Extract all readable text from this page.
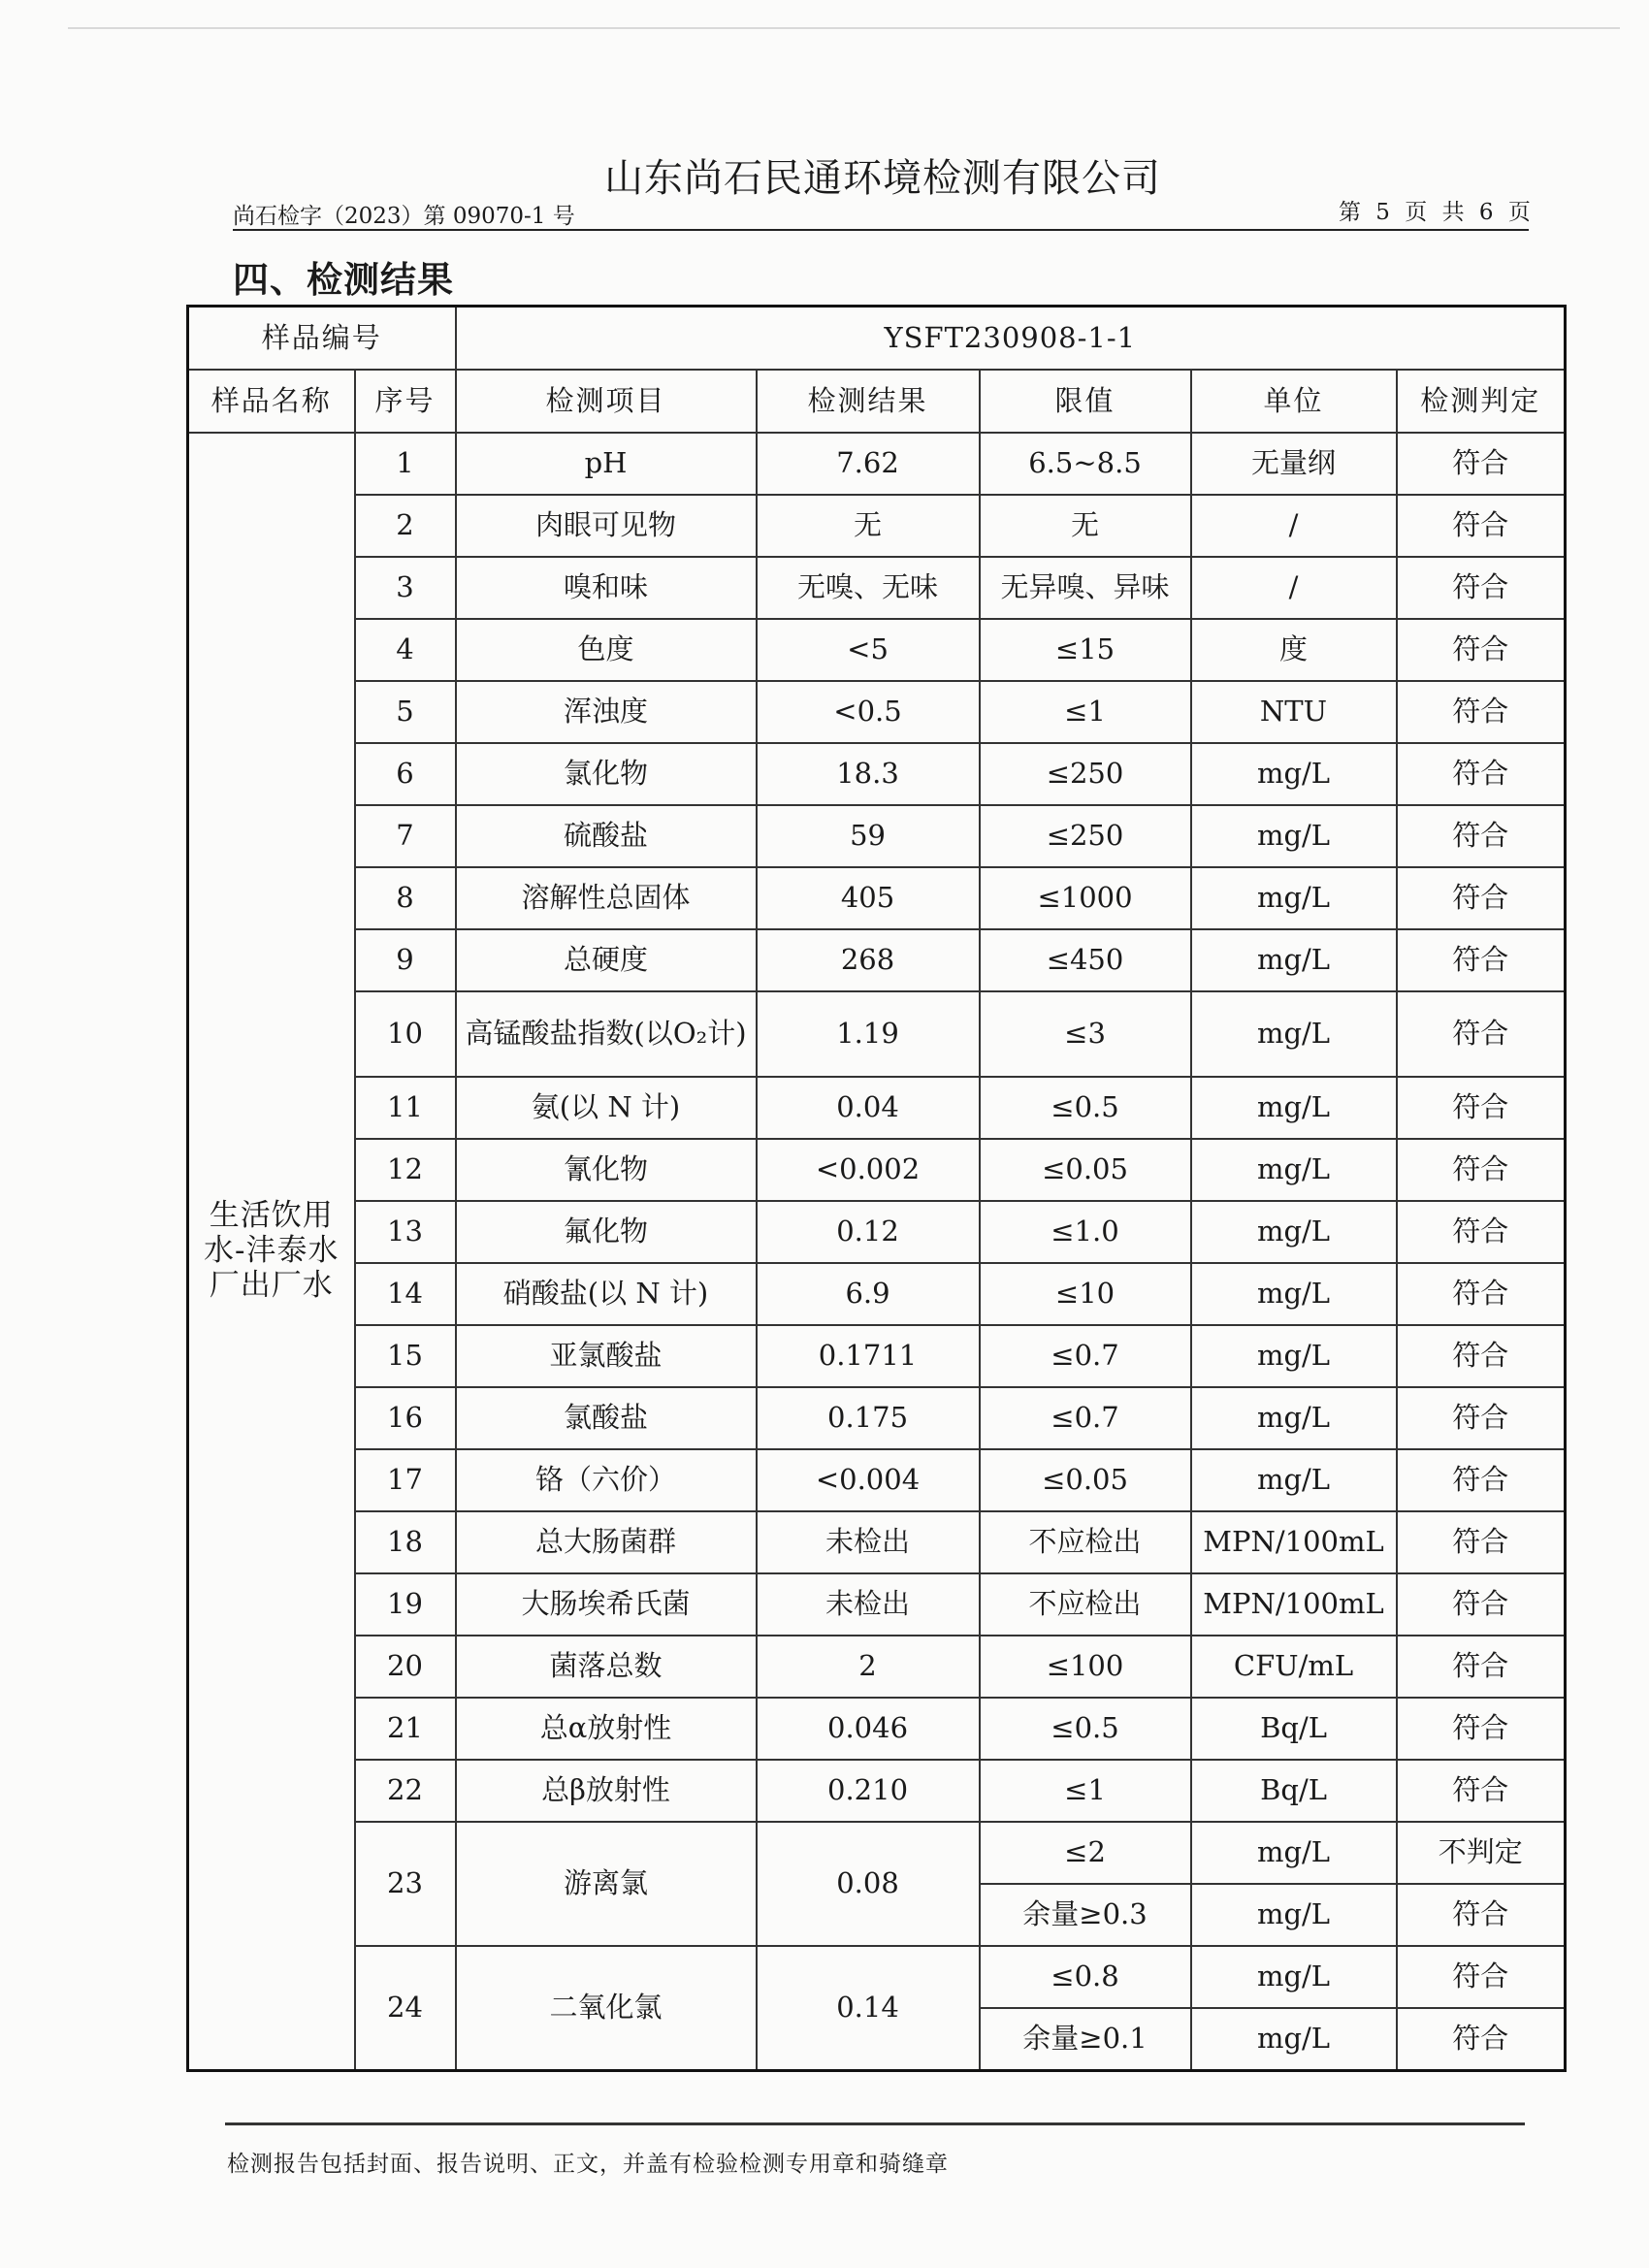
山东尚石民通环境检测有限公司
尚石检字（2023）第 09070-1 号	第 5 页 共 6 页
四、检测结果
样品编号		YSFT230908-1-1				
样品名称	序号	检测项目	检测结果	限值	单位	检测判定
生活饮用水-沣泰水厂出厂水	1	pH	7.62	6.5~8.5	无量纲	符合
	2	肉眼可见物	无	无	/	符合
	3	嗅和味	无嗅、无味	无异嗅、异味	/	符合
	4	色度	<5	≤15	度	符合
	5	浑浊度	<0.5	≤1	NTU	符合
	6	氯化物	18.3	≤250	mg/L	符合
	7	硫酸盐	59	≤250	mg/L	符合
	8	溶解性总固体	405	≤1000	mg/L	符合
	9	总硬度	268	≤450	mg/L	符合
	10	高锰酸盐指数(以O₂计)	1.19	≤3	mg/L	符合
	11	氨(以 N 计)	0.04	≤0.5	mg/L	符合
	12	氰化物	<0.002	≤0.05	mg/L	符合
	13	氟化物	0.12	≤1.0	mg/L	符合
	14	硝酸盐(以 N 计)	6.9	≤10	mg/L	符合
	15	亚氯酸盐	0.1711	≤0.7	mg/L	符合
	16	氯酸盐	0.175	≤0.7	mg/L	符合
	17	铬（六价）	<0.004	≤0.05	mg/L	符合
	18	总大肠菌群	未检出	不应检出	MPN/100mL	符合
	19	大肠埃希氏菌	未检出	不应检出	MPN/100mL	符合
	20	菌落总数	2	≤100	CFU/mL	符合
	21	总α放射性	0.046	≤0.5	Bq/L	符合
	22	总β放射性	0.210	≤1	Bq/L	符合
	23	游离氯	0.08	≤2	mg/L	不判定
				余量≥0.3	mg/L	符合
	24	二氧化氯	0.14	≤0.8	mg/L	符合
				余量≥0.1	mg/L	符合
检测报告包括封面、报告说明、正文，并盖有检验检测专用章和骑缝章
